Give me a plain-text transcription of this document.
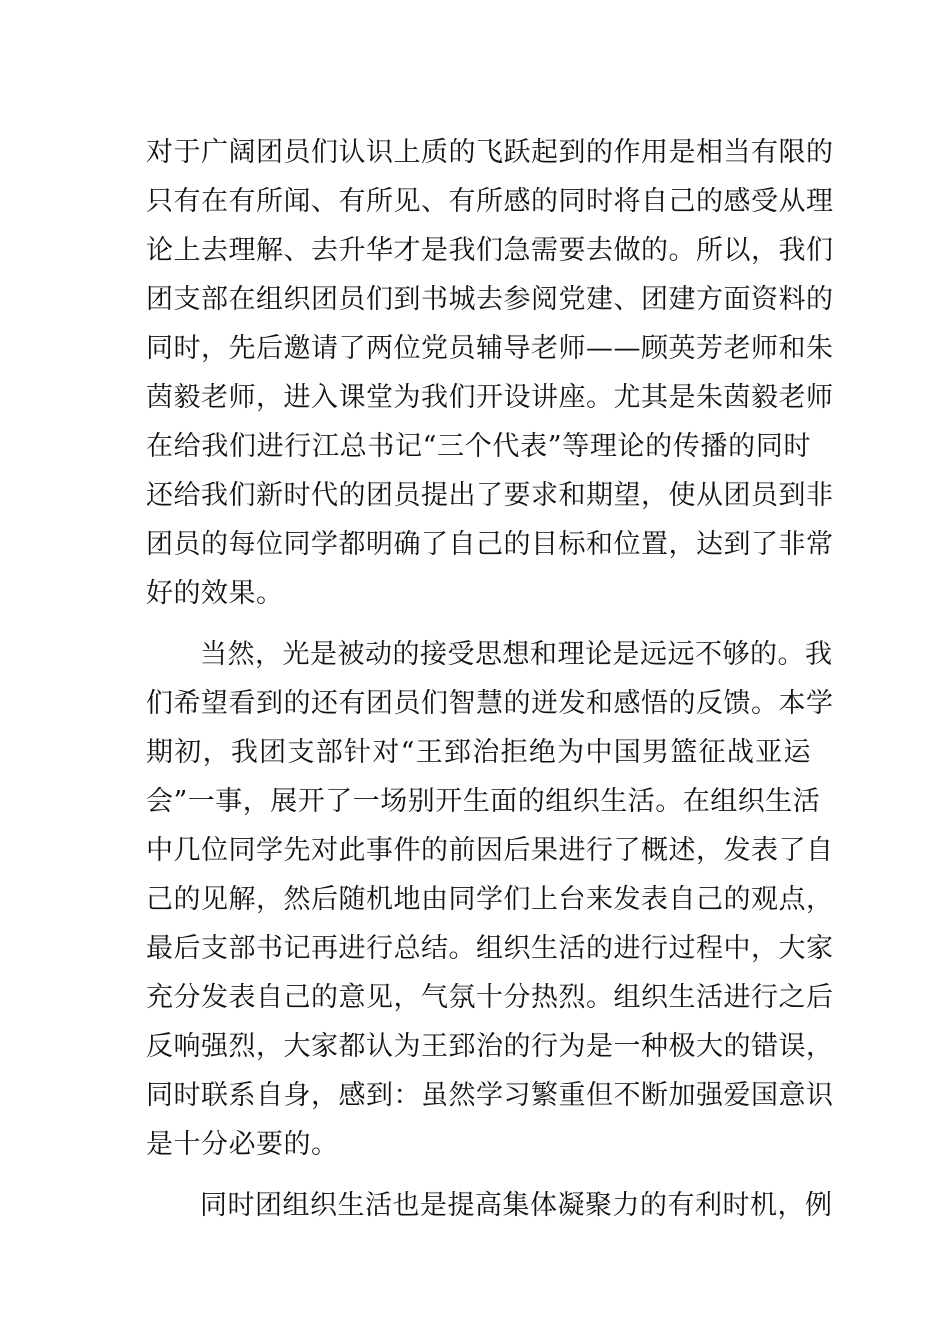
对于广阔团员们认识上质的飞跃起到的作用是相当有限的
只有在有所闻、有所见、有所感的同时将自己的感受从理
论上去理解、去升华才是我们急需要去做的。所以，我们
团支部在组织团员们到书城去参阅党建、团建方面资料的
同时，先后邀请了两位党员辅导老师——顾英芳老师和朱
茵毅老师，进入课堂为我们开设讲座。尤其是朱茵毅老师
在给我们进行江总书记“三个代表”等理论的传播的同时
还给我们新时代的团员提出了要求和期望，使从团员到非
团员的每位同学都明确了自己的目标和位置，达到了非常
好的效果。
当然，光是被动的接受思想和理论是远远不够的。我
们希望看到的还有团员们智慧的迸发和感悟的反馈。本学
期初，我团支部针对“王郅治拒绝为中国男篮征战亚运
会”一事，展开了一场别开生面的组织生活。在组织生活
中几位同学先对此事件的前因后果进行了概述，发表了自
己的见解，然后随机地由同学们上台来发表自己的观点，
最后支部书记再进行总结。组织生活的进行过程中，大家
充分发表自己的意见，气氛十分热烈。组织生活进行之后
反响强烈，大家都认为王郅治的行为是一种极大的错误，
同时联系自身，感到：虽然学习繁重但不断加强爱国意识
是十分必要的。
同时团组织生活也是提高集体凝聚力的有利时机，例
